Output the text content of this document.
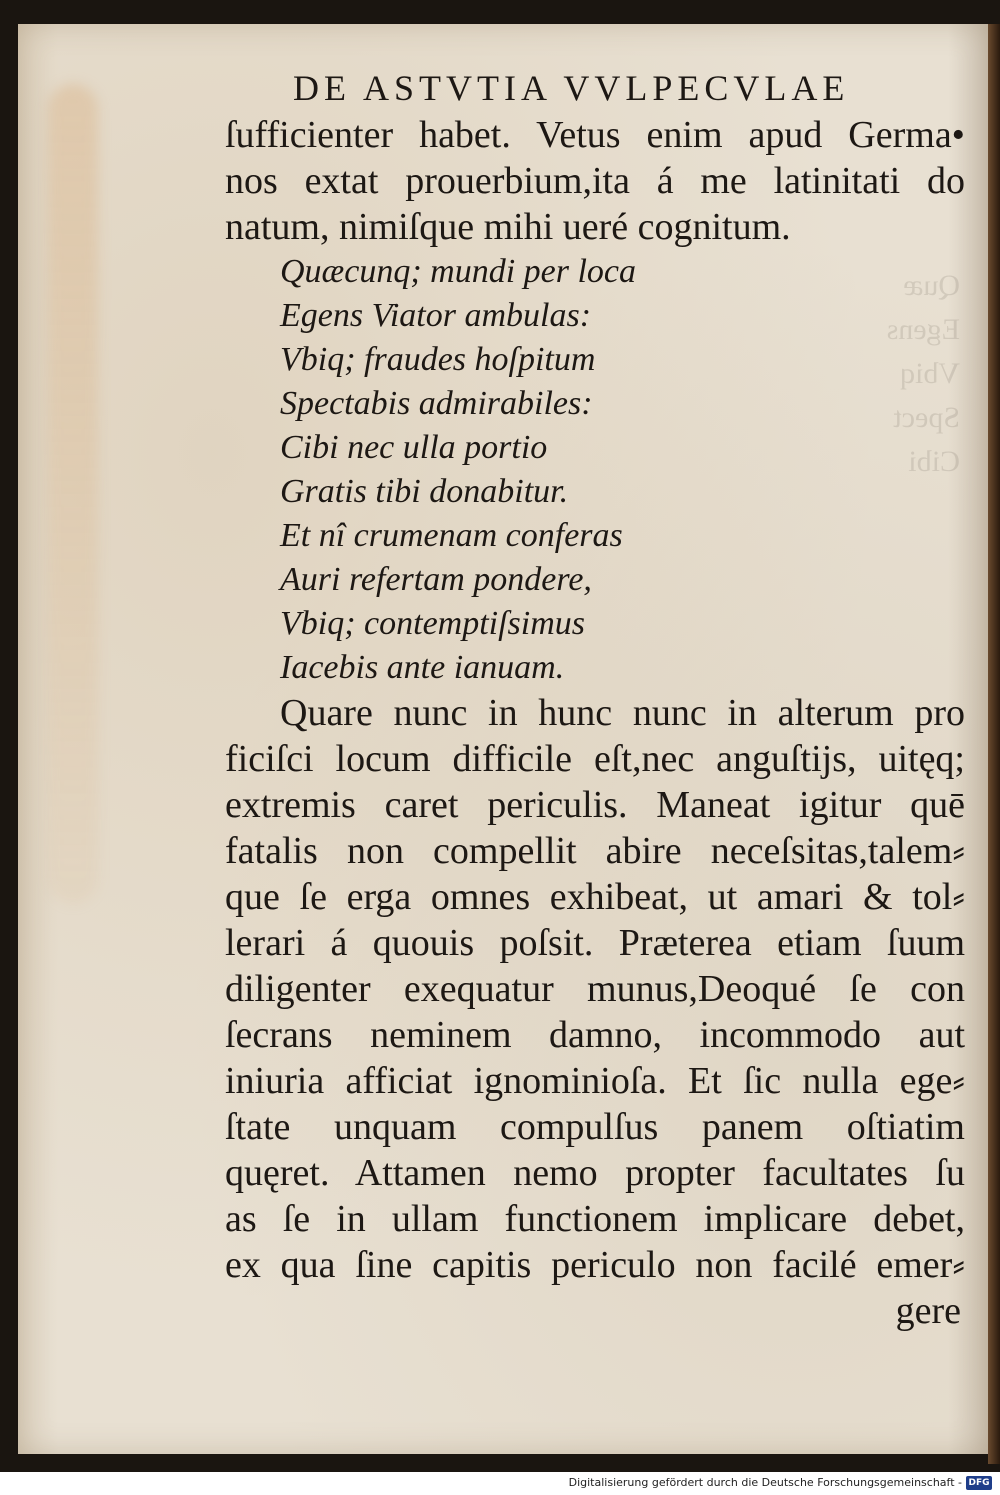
Quæ
Egens
Vbiq
Spect
Cibi
DE ASTVTIA VVLPECVLAE
ſufficienter habet. Vetus enim apud Germa•
nos extat prouerbium,ita á me latinitati do
natum, nimiſque mihi ueré cognitum.
Quæcunq; mundi per loca
Egens Viator ambulas:
Vbiq; fraudes hoſpitum
Spectabis admirabiles:
Cibi nec ulla portio
Gratis tibi donabitur.
Et nî crumenam conferas
Auri refertam pondere,
Vbiq; contemptiſsimus
Iacebis ante ianuam.
Quare nunc in hunc nunc in alterum pro
ficiſci locum difficile eſt,nec anguſtijs, uitęq;
extremis caret periculis. Maneat igitur quē
fatalis non compellit abire neceſsitas,talem⸗
que ſe erga omnes exhibeat, ut amari & tol⸗
lerari á quouis poſsit. Præterea etiam ſuum
diligenter exequatur munus,Deoqué ſe con
ſecrans neminem damno, incommodo aut
iniuria afficiat ignominioſa. Et ſic nulla ege⸗
ſtate unquam compulſus panem oſtiatim
quęret. Attamen nemo propter facultates ſu
as ſe in ullam functionem implicare debet,
ex qua ſine capitis periculo non facilé emer⸗
gere
Digitalisierung gefördert durch die Deutsche Forschungsgemeinschaft - DFG
